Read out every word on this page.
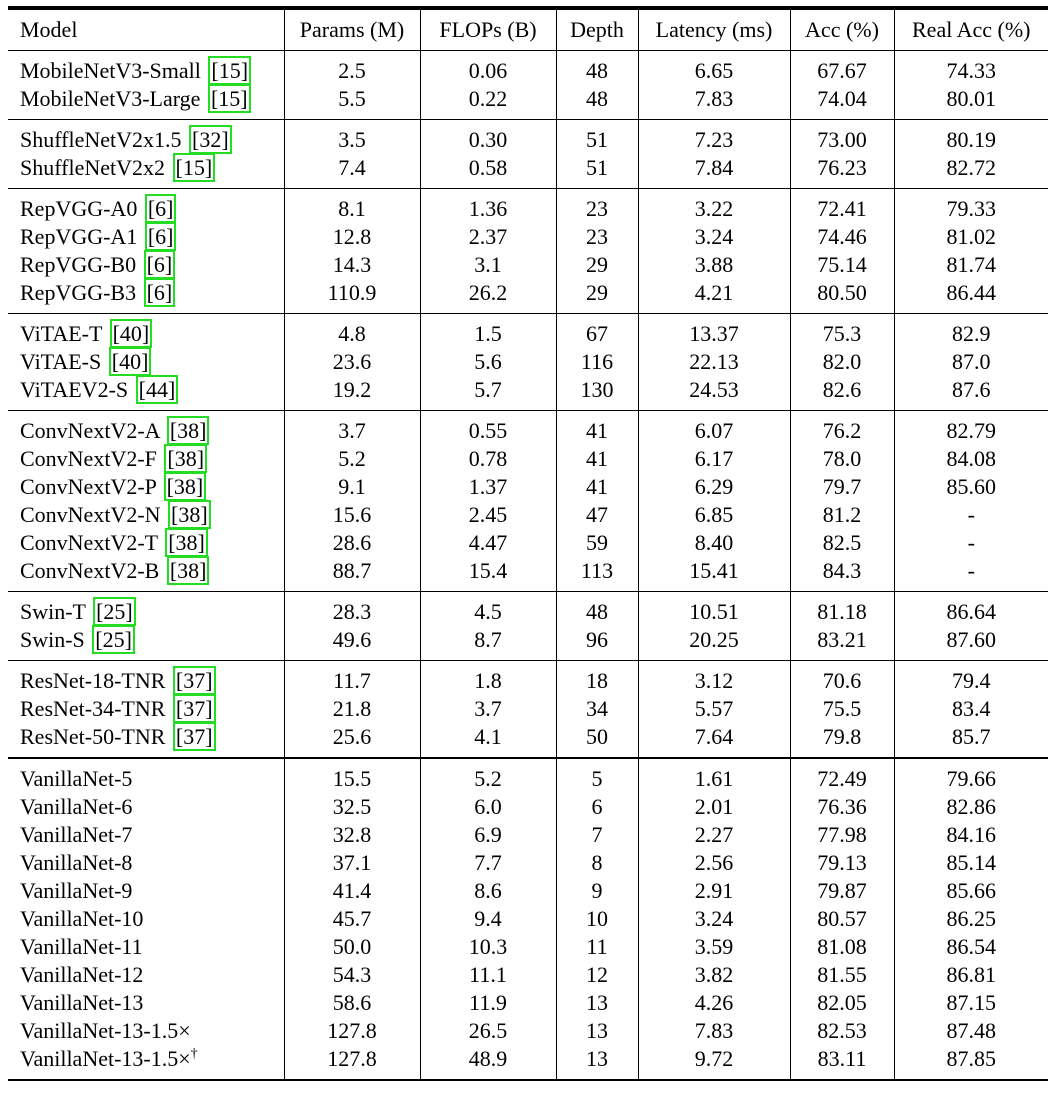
Model	Params (M)	FLOPs (B)	Depth	Latency (ms)	Acc (%)	Real Acc (%)
MobileNetV3-Small [15]	2.5	0.06	48	6.65	67.67	74.33
MobileNetV3-Large [15]	5.5	0.22	48	7.83	74.04	80.01
ShuffleNetV2x1.5 [32]	3.5	0.30	51	7.23	73.00	80.19
ShuffleNetV2x2 [15]	7.4	0.58	51	7.84	76.23	82.72
RepVGG-A0 [6]	8.1	1.36	23	3.22	72.41	79.33
RepVGG-A1 [6]	12.8	2.37	23	3.24	74.46	81.02
RepVGG-B0 [6]	14.3	3.1	29	3.88	75.14	81.74
RepVGG-B3 [6]	110.9	26.2	29	4.21	80.50	86.44
ViTAE-T [40]	4.8	1.5	67	13.37	75.3	82.9
ViTAE-S [40]	23.6	5.6	116	22.13	82.0	87.0
ViTAEV2-S [44]	19.2	5.7	130	24.53	82.6	87.6
ConvNextV2-A [38]	3.7	0.55	41	6.07	76.2	82.79
ConvNextV2-F [38]	5.2	0.78	41	6.17	78.0	84.08
ConvNextV2-P [38]	9.1	1.37	41	6.29	79.7	85.60
ConvNextV2-N [38]	15.6	2.45	47	6.85	81.2	-
ConvNextV2-T [38]	28.6	4.47	59	8.40	82.5	-
ConvNextV2-B [38]	88.7	15.4	113	15.41	84.3	-
Swin-T [25]	28.3	4.5	48	10.51	81.18	86.64
Swin-S [25]	49.6	8.7	96	20.25	83.21	87.60
ResNet-18-TNR [37]	11.7	1.8	18	3.12	70.6	79.4
ResNet-34-TNR [37]	21.8	3.7	34	5.57	75.5	83.4
ResNet-50-TNR [37]	25.6	4.1	50	7.64	79.8	85.7
VanillaNet-5	15.5	5.2	5	1.61	72.49	79.66
VanillaNet-6	32.5	6.0	6	2.01	76.36	82.86
VanillaNet-7	32.8	6.9	7	2.27	77.98	84.16
VanillaNet-8	37.1	7.7	8	2.56	79.13	85.14
VanillaNet-9	41.4	8.6	9	2.91	79.87	85.66
VanillaNet-10	45.7	9.4	10	3.24	80.57	86.25
VanillaNet-11	50.0	10.3	11	3.59	81.08	86.54
VanillaNet-12	54.3	11.1	12	3.82	81.55	86.81
VanillaNet-13	58.6	11.9	13	4.26	82.05	87.15
VanillaNet-13-1.5×	127.8	26.5	13	7.83	82.53	87.48
VanillaNet-13-1.5×†	127.8	48.9	13	9.72	83.11	87.85
